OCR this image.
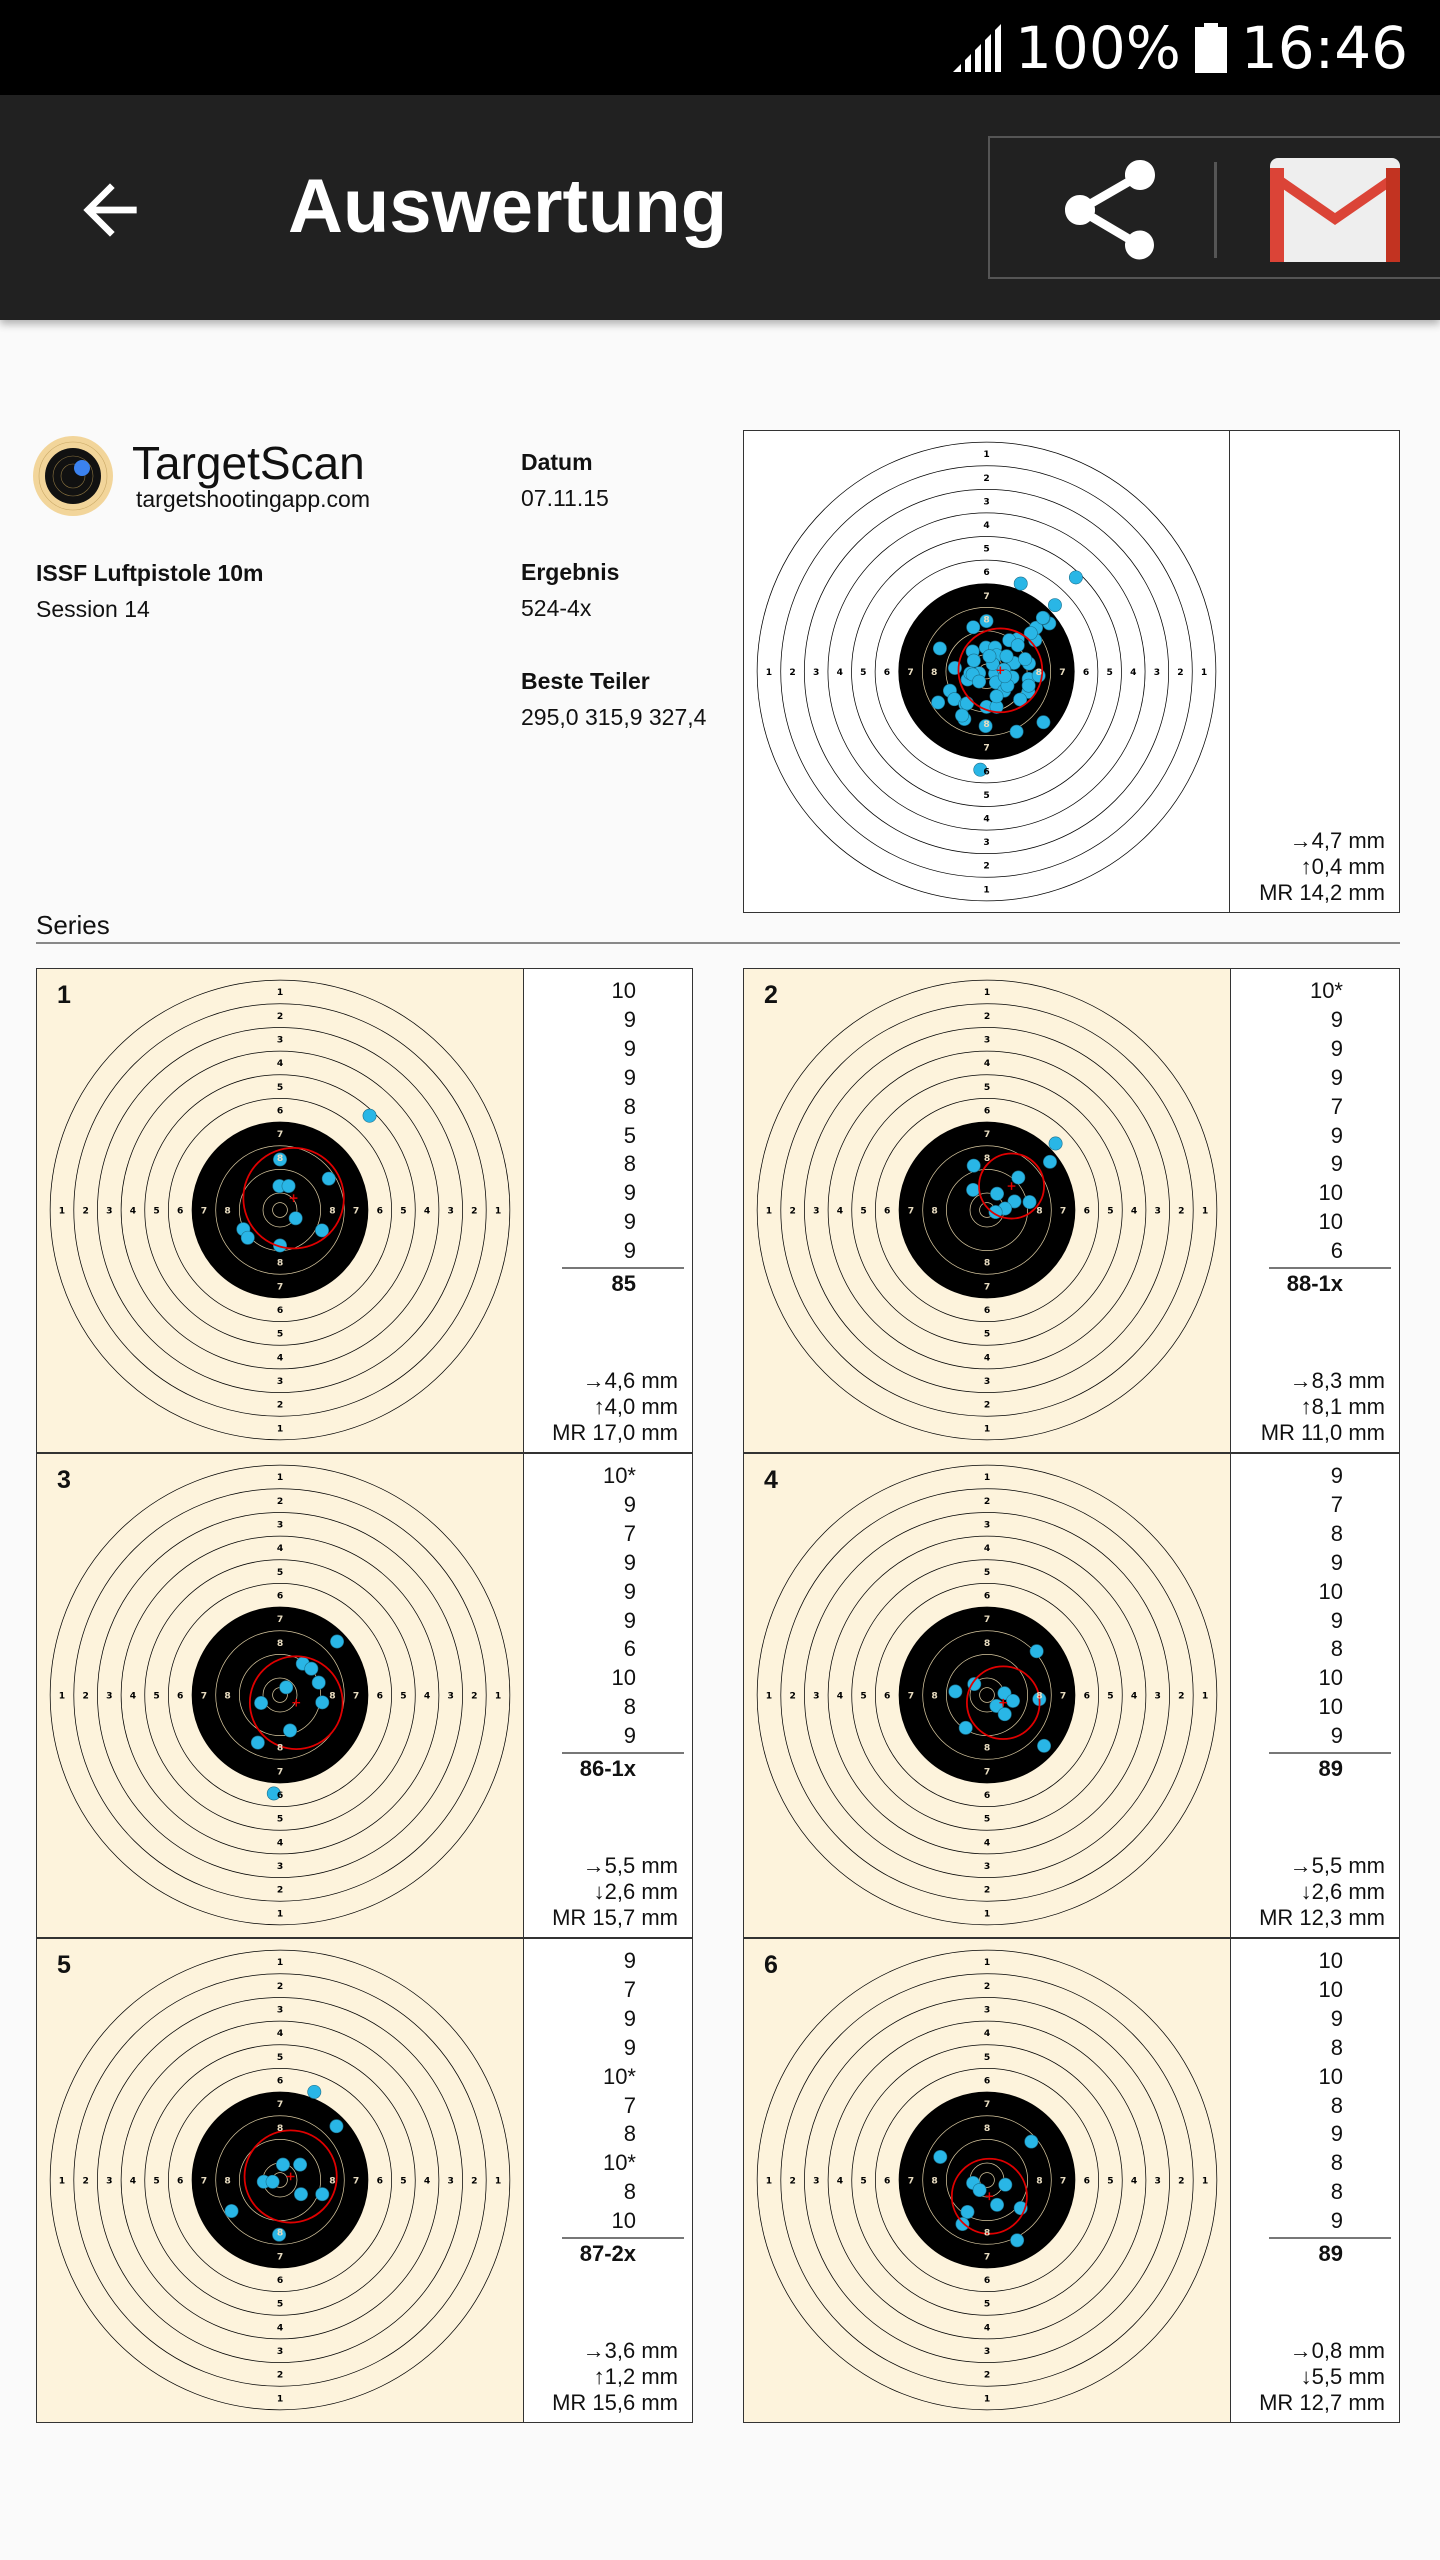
100% 16:46
Auswertung
TargetScan
targetshootingapp.com
ISSF Luftpistole 10m
Session 14
Datum
07.11.15
Ergebnis
524-4x
Beste Teiler
295,0 315,9 327,4
1
1
1	1
2
2
2	2
3
3
3	3
4
4
4	4
5
5
5	5
6
6
6	6
7
7
7	7
8
8
8	8
→4,7 mm
↑0,4 mm
MR 14,2 mm
Series
1
1
1	1
2
2
2	2
3
3
3	3
4
4
4	4
5
5
5	5
6
6
6	6
7
7
7	7
8
8
8	8
1	10
9
9
9
8
5
8
9
9
9
85
→4,6 mm
↑4,0 mm
MR 17,0 mm
1
1
1	1
2
2
2	2
3
3
3	3
4
4
4	4
5
5
5	5
6
6
6	6
7
7
7	7
8
8
8	8
2	10*
9
9
9
7
9
9
10
10
6
88-1x
→8,3 mm
↑8,1 mm
MR 11,0 mm
1
1
1	1
2
2
2	2
3
3
3	3
4
4
4	4
5
5
5	5
6
6
6	6
7
7
7	7
8
8
8	8
3	10*
9
7
9
9
9
6
10
8
9
86-1x
→5,5 mm
↓2,6 mm
MR 15,7 mm
1
1
1	1
2
2
2	2
3
3
3	3
4
4
4	4
5
5
5	5
6
6
6	6
7
7
7	7
8
8
8	8
4	9
7
8
9
10
9
8
10
10
9
89
→5,5 mm
↓2,6 mm
MR 12,3 mm
1
1
1	1
2
2
2	2
3
3
3	3
4
4
4	4
5
5
5	5
6
6
6	6
7
7
7	7
8
8
8	8
5	9
7
9
9
10*
7
8
10*
8
10
87-2x
→3,6 mm
↑1,2 mm
MR 15,6 mm
1
1
1	1
2
2
2	2
3
3
3	3
4
4
4	4
5
5
5	5
6
6
6	6
7
7
7	7
8
8
8	8
6	10
10
9
8
10
8
9
8
8
9
89
→0,8 mm
↓5,5 mm
MR 12,7 mm
